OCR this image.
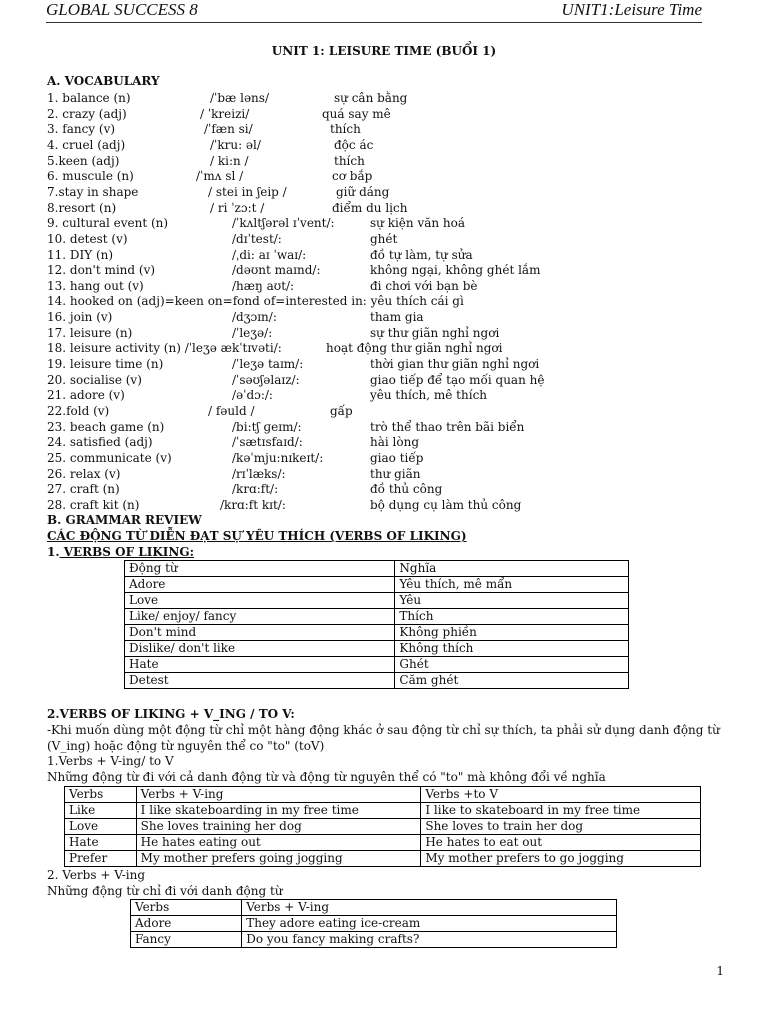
GLOBAL SUCCESS 8	UNIT1:Leisure Time
UNIT 1: LEISURE TIME (BUỔI 1)
A. VOCABULARY
1. balance (n)	/ˈbæ ləns/	sự cân bằng
2. crazy (adj)	/ ˈkreizi/	quá say mê
3. fancy (v)	/ˈfæn si/	thích
4. cruel (adj)	/ˈkru: əl/	độc ác
5.keen (adj)	/ ki:n /	thích
6. muscule (n)	/ˈmʌ sl /	cơ bắp
7.stay in shape	/ stei in ʃeip /	giữ dáng
8.resort (n)	/ ri ˈzɔ:t /	điểm du lịch
9. cultural event (n)	/ˈkʌltʃərəl ɪˈvent/:	sự kiện văn hoá
10. detest (v)	/dɪˈtest/:	ghét
11. DIY (n)	/ˌdi: aɪ ˈwaɪ/:	đồ tự làm, tự sửa
12. don't mind (v)	/dəʊnt maɪnd/:	không ngại, không ghét lắm
13. hang out (v)	/hæŋ aʊt/:	đi chơi với bạn bè
14. hooked on (adj)=keen on=fond of=interested in: yêu thích cái gì
16. join (v)	/dʒɔɪn/:	tham gia
17. leisure (n)	/ˈleʒə/:	sự thư giãn nghỉ ngơi
18. leisure activity (n) /ˈleʒə ækˈtɪvəti/:	hoạt động thư giãn nghỉ ngơi
19. leisure time (n)	/ˈleʒə taɪm/:	thời gian thư giãn nghỉ ngơi
20. socialise (v)	/ˈsəʊʃəlaɪz/:	giao tiếp để tạo mối quan hệ
21. adore (v)	/əˈdɔ:/:	yêu thích, mê thích
22.fold (v)	/ fəuld /	gấp
23. beach game (n)	/bi:tʃ ɡeɪm/:	trò thể thao trên bãi biển
24. satisfied (adj)	/ˈsætɪsfaɪd/:	hài lòng
25. communicate (v)	/kəˈmju:nɪkeɪt/:	giao tiếp
26. relax (v)	/rɪˈlæks/:	thư giãn
27. craft (n)	/krɑ:ft/:	đồ thủ công
28. craft kit (n)	/krɑ:ft kɪt/:	bộ dụng cụ làm thủ công
B. GRAMMAR REVIEW
CÁC ĐỘNG TỪ DIỄN ĐẠT SỰ YÊU THÍCH (VERBS OF LIKING)
1. VERBS OF LIKING:
Động từ	Nghĩa
Adore	Yêu thích, mê mẩn
Love	Yêu
Like/ enjoy/ fancy	Thích
Don't mind	Không phiền
Dislike/ don't like	Không thích
Hate	Ghét
Detest	Căm ghét
2.VERBS OF LIKING + V_ING / TO V:
-Khi muốn dùng một động từ chỉ một hàng động khác ở sau động từ chỉ sự thích, ta phải sử dụng danh động từ
(V_ing) hoặc động từ nguyên thể co "to" (toV)
1.Verbs + V-ing/ to V
Những động từ đi với cả danh động từ và động từ nguyên thể có "to" mà không đổi về nghĩa
Verbs	Verbs + V-ing	Verbs +to V
Like	I like skateboarding in my free time	I like to skateboard in my free time
Love	She loves training her dog	She loves to train her dog
Hate	He hates eating out	He hates to eat out
Prefer	My mother prefers going jogging	My mother prefers to go jogging
2. Verbs + V-ing
Những động từ chỉ đi với danh động từ
Verbs	Verbs + V-ing
Adore	They adore eating ice-cream
Fancy	Do you fancy making crafts?
1
